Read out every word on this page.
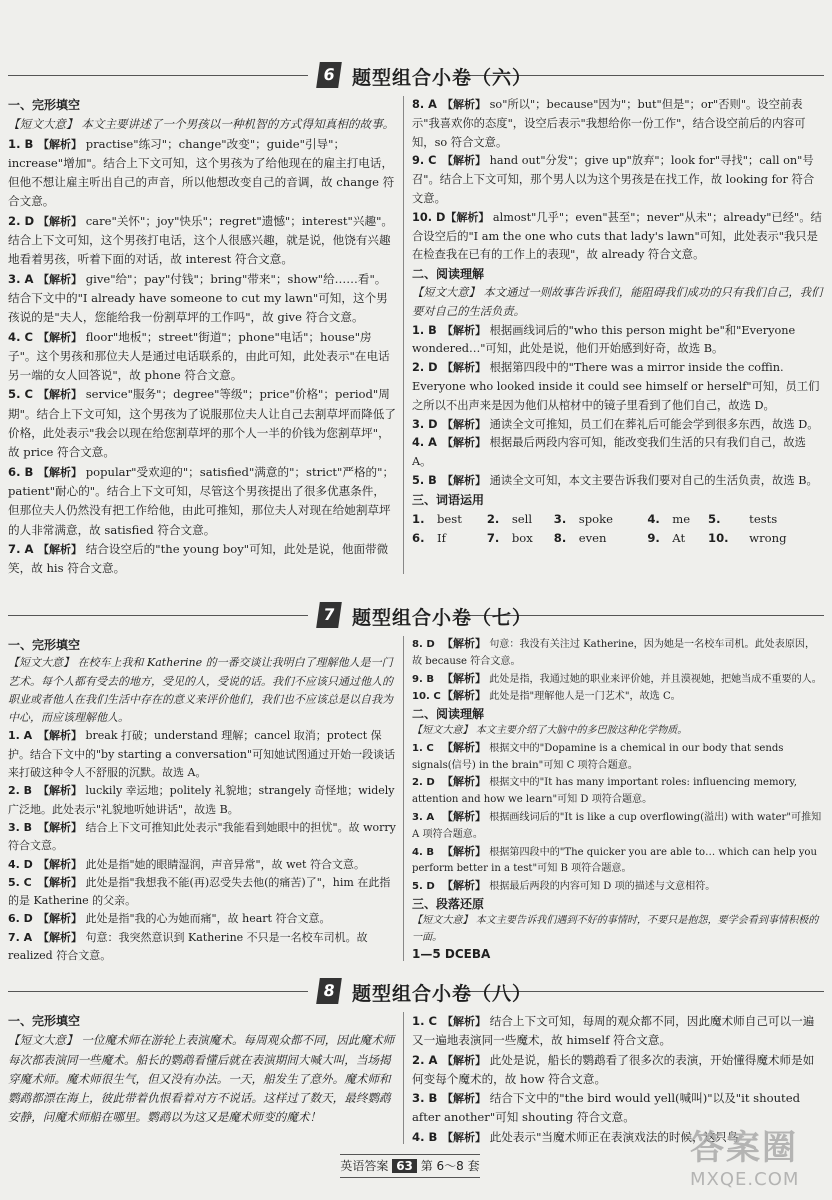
6 题型组合小卷（六）

一、完形填空

【短文大意】 本文主要讲述了一个男孩以一种机智的方式得知真相的故事。

1. B 【解析】 practise"练习"；change"改变"；guide"引导"；increase"增加"。结合上下文可知，这个男孩为了给他现在的雇主打电话，但他不想让雇主听出自己的声音，所以他想改变自己的音调，故 change 符合文意。

2. D 【解析】 care"关怀"；joy"快乐"；regret"遗憾"；interest"兴趣"。结合上下文可知，这个男孩打电话，这个人很感兴趣，就是说，他饶有兴趣地看着男孩，听着下面的对话，故 interest 符合文意。

3. A 【解析】 give"给"；pay"付钱"；bring"带来"；show"给……看"。结合下文中的"I already have someone to cut my lawn"可知，这个男孩说的是"夫人，您能给我一份割草坪的工作吗"，故 give 符合文意。

4. C 【解析】 floor"地板"；street"街道"；phone"电话"；house"房子"。这个男孩和那位夫人是通过电话联系的，由此可知，此处表示"在电话另一端的女人回答说"，故 phone 符合文意。

5. C 【解析】 service"服务"；degree"等级"；price"价格"；period"周期"。结合上下文可知，这个男孩为了说服那位夫人让自己去割草坪而降低了价格，此处表示"我会以现在给您割草坪的那个人一半的价钱为您割草坪"，故 price 符合文意。

6. B 【解析】 popular"受欢迎的"；satisfied"满意的"；strict"严格的"；patient"耐心的"。结合上下文可知，尽管这个男孩提出了很多优惠条件，但那位夫人仍然没有把工作给他，由此可推知，那位夫人对现在给她割草坪的人非常满意，故 satisfied 符合文意。

7. A 【解析】 结合设空后的"the young boy"可知，此处是说，他面带微笑，故 his 符合文意。

8. A 【解析】 so"所以"；because"因为"；but"但是"；or"否则"。设空前表示"我喜欢你的态度"，设空后表示"我想给你一份工作"，结合设空前后的内容可知，so 符合文意。

9. C 【解析】 hand out"分发"；give up"放弃"；look for"寻找"；call on"号召"。结合上下文可知，那个男人以为这个男孩是在找工作，故 looking for 符合文意。

10. D【解析】 almost"几乎"；even"甚至"；never"从未"；already"已经"。结合设空后的"I am the one who cuts that lady's lawn"可知，此处表示"我只是在检查我在已有的工作上的表现"，故 already 符合文意。

二、阅读理解

【短文大意】 本文通过一则故事告诉我们，能阻碍我们成功的只有我们自己，我们要对自己的生活负责。

1. B 【解析】 根据画线词后的"who this person might be"和"Everyone wondered…"可知，此处是说，他们开始感到好奇，故选 B。

2. D 【解析】 根据第四段中的"There was a mirror inside the coffin. Everyone who looked inside it could see himself or herself"可知，员工们之所以不出声来是因为他们从棺材中的镜子里看到了他们自己，故选 D。

3. D 【解析】 通读全文可推知，员工们在葬礼后可能会学到很多东西，故选 D。

4. A 【解析】 根据最后两段内容可知，能改变我们生活的只有我们自己，故选 A。

5. B 【解析】 通读全文可知，本文主要告诉我们要对自己的生活负责，故选 B。

三、词语运用

1.	best	2.	sell	3.	spoke	4.	me	5.	tests
6.	If	7.	box	8.	even	9.	At	10.	wrong
7 题型组合小卷（七）

一、完形填空

【短文大意】 在校车上我和 Katherine 的一番交谈让我明白了理解他人是一门艺术。每个人都有受去的地方，受见的人，受说的话。我们不应该只通过他人的职业或者他人在我们生活中存在的意义来评价他们，我们也不应该总是以自我为中心，而应该理解他人。

1. A 【解析】 break 打破；understand 理解；cancel 取消；protect 保护。结合下文中的"by starting a conversation"可知她试图通过开始一段谈话来打破这种令人不舒服的沉默。故选 A。

2. B 【解析】 luckily 幸运地；politely 礼貌地；strangely 奇怪地；widely 广泛地。此处表示"礼貌地听她讲话"，故选 B。

3. B 【解析】 结合上下文可推知此处表示"我能看到她眼中的担忧"。故 worry 符合文意。

4. D 【解析】 此处是指"她的眼睛湿润，声音异常"，故 wet 符合文意。

5. C 【解析】 此处是指"我想我不能(再)忍受失去他(的痛苦)了"，him 在此指的是 Katherine 的父亲。

6. D 【解析】 此处是指"我的心为她而痛"，故 heart 符合文意。

7. A 【解析】 句意：我突然意识到 Katherine 不只是一名校车司机。故 realized 符合文意。

8. D 【解析】 句意：我没有关注过 Katherine，因为她是一名校车司机。此处表原因，故 because 符合文意。

9. B 【解析】 此处是指，我通过她的职业来评价她，并且漠视她，把她当成不重要的人。

10. C【解析】 此处是指"理解他人是一门艺术"，故选 C。

二、阅读理解

【短文大意】 本文主要介绍了大脑中的多巴胺这种化学物质。

1. C 【解析】 根据文中的"Dopamine is a chemical in our body that sends signals(信号) in the brain"可知 C 项符合题意。

2. D 【解析】 根据文中的"It has many important roles: influencing memory, attention and how we learn"可知 D 项符合题意。

3. A 【解析】 根据画线词后的"It is like a cup overflowing(溢出) with water"可推知 A 项符合题意。

4. B 【解析】 根据第四段中的"The quicker you are able to… which can help you perform better in a test"可知 B 项符合题意。

5. D 【解析】 根据最后两段的内容可知 D 项的描述与文意相符。

三、段落还原

【短文大意】 本文主要告诉我们遇到不好的事情时，不要只是抱怨，要学会看到事情积极的一面。

1—5 DCEBA

8 题型组合小卷（八）

一、完形填空

【短文大意】 一位魔术师在游轮上表演魔术。每周观众都不同，因此魔术师每次都表演同一些魔术。船长的鹦鹉看懂后就在表演期间大喊大叫，当场揭穿魔术师。魔术师很生气，但又没有办法。一天，船发生了意外。魔术师和鹦鹉都漂在海上，彼此带着仇恨看着对方不说话。这样过了数天，最终鹦鹉安静，问魔术师船在哪里。鹦鹉以为这又是魔术师变的魔术！

1. C 【解析】 结合上下文可知，每周的观众都不同，因此魔术师自己可以一遍又一遍地表演同一些魔术，故 himself 符合文意。

2. A 【解析】 此处是说，船长的鹦鹉看了很多次的表演，开始懂得魔术师是如何变每个魔术的，故 how 符合文意。

3. B 【解析】 结合下文中的"the bird would yell(喊叫)"以及"it shouted after another"可知 shouting 符合文意。

4. B 【解析】 此处表示"当魔术师正在表演戏法的时候，这只鸟

英语答案 63 第 6～8 套	答案圈
MXQE.COM
